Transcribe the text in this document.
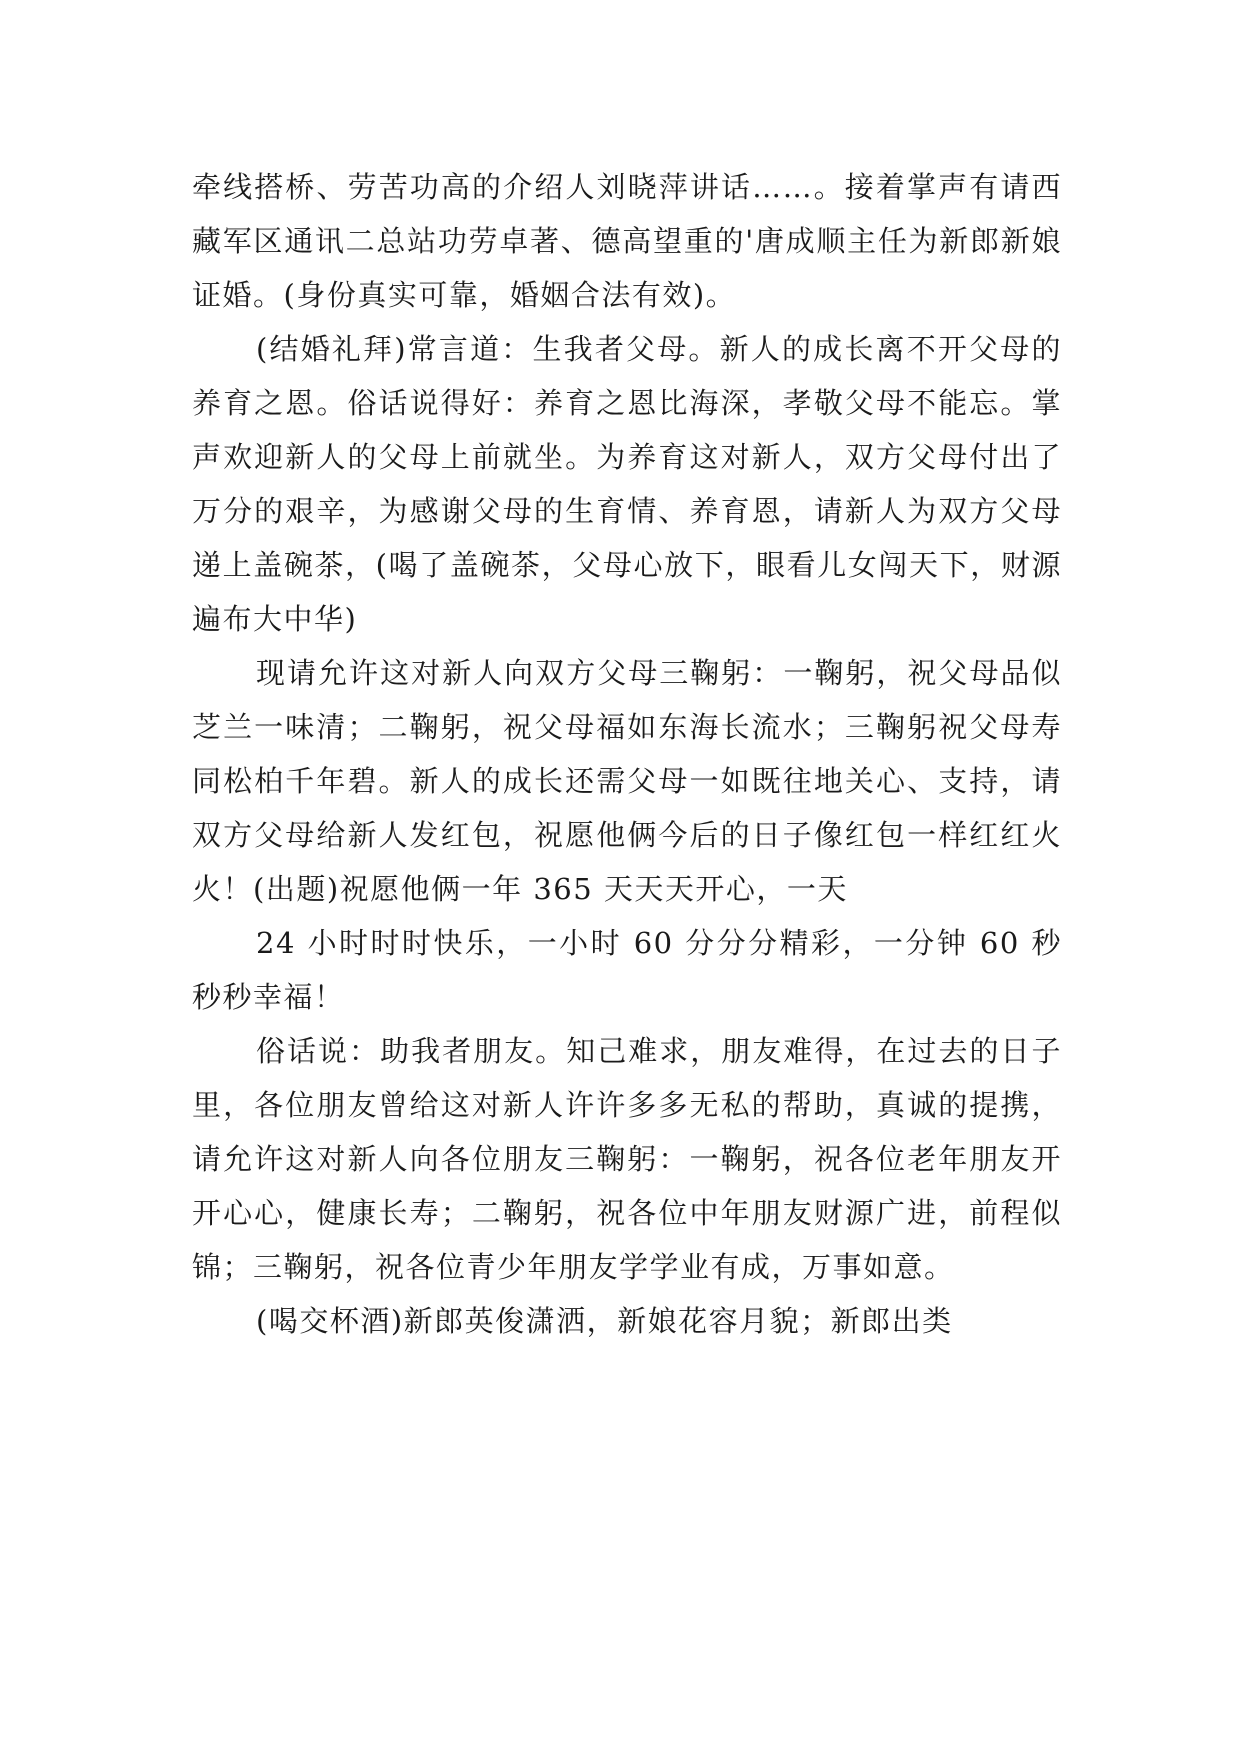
牵线搭桥、劳苦功高的介绍人刘晓萍讲话……。接着掌声有请西藏军区通讯二总站功劳卓著、德高望重的'唐成顺主任为新郎新娘证婚。(身份真实可靠，婚姻合法有效)。

(结婚礼拜)常言道：生我者父母。新人的成长离不开父母的养育之恩。俗话说得好：养育之恩比海深，孝敬父母不能忘。掌声欢迎新人的父母上前就坐。为养育这对新人，双方父母付出了万分的艰辛，为感谢父母的生育情、养育恩，请新人为双方父母递上盖碗茶，(喝了盖碗茶，父母心放下，眼看儿女闯天下，财源遍布大中华)

现请允许这对新人向双方父母三鞠躬：一鞠躬，祝父母品似芝兰一味清；二鞠躬，祝父母福如东海长流水；三鞠躬祝父母寿同松柏千年碧。新人的成长还需父母一如既往地关心、支持，请双方父母给新人发红包，祝愿他俩今后的日子像红包一样红红火火！(出题)祝愿他俩一年 365 天天天开心，一天

24 小时时时快乐，一小时 60 分分分精彩，一分钟 60 秒秒秒幸福！

俗话说：助我者朋友。知己难求，朋友难得，在过去的日子里，各位朋友曾给这对新人许许多多无私的帮助，真诚的提携，请允许这对新人向各位朋友三鞠躬：一鞠躬，祝各位老年朋友开开心心，健康长寿；二鞠躬，祝各位中年朋友财源广进，前程似锦；三鞠躬，祝各位青少年朋友学学业有成，万事如意。

(喝交杯酒)新郎英俊潇洒，新娘花容月貌；新郎出类
